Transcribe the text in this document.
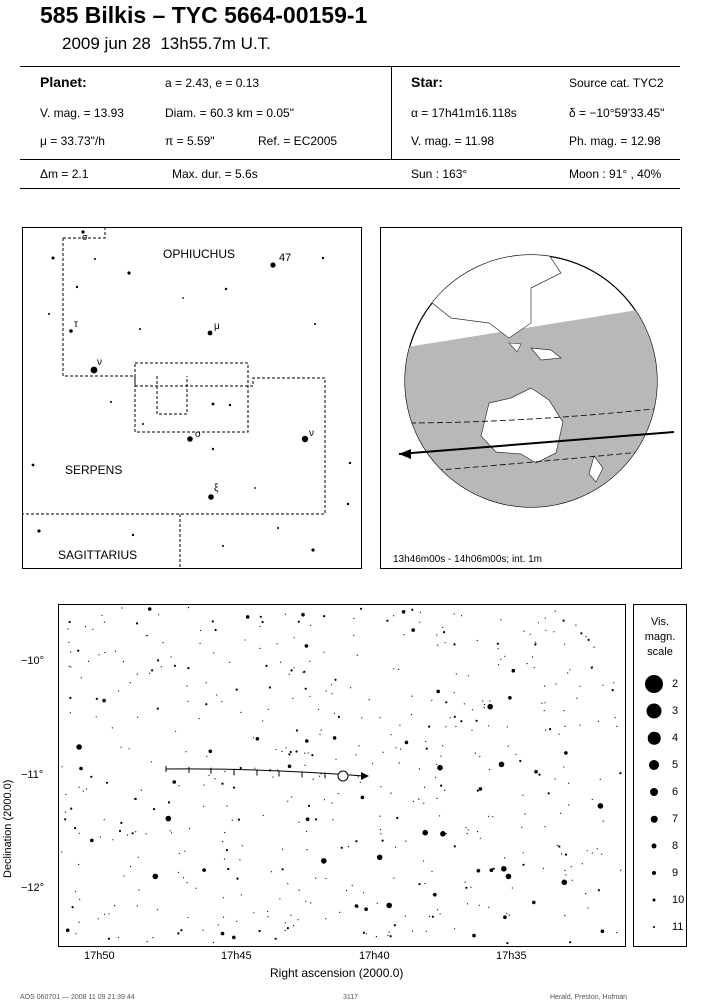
585 Bilkis – TYC 5664-00159-1
2009 jun 28 13h55.7m U.T.
Planet:	a = 2.43, e = 0.13
V. mag. = 13.93	Diam. = 60.3 km = 0.05"
μ = 33.73"/h	π = 5.59"	Ref. = EC2005
Star:	Source cat. TYC2
α = 17h41m16.118s	δ = −10°59'33.45"
V. mag. = 11.98	Ph. mag. = 12.98
Δm = 2.1	Max. dur. = 5.6s	Sun : 163°	Moon : 91° , 40%
OPHIUCHUS
SERPENS
SAGITTARIUS
47
μ
τ
ν
ο	ν
ξ
σ
13h46m00s - 14h06m00s; int. 1m
Declination (2000.0)
−10°
−11°
−12°
17h50	17h45	17h40	17h35
Right ascension (2000.0)
Vis.
magn.
scale
2
3
4
5
6
7
8
9
10
11
AOS 060701 — 2008 11 09 21:39:44	3117	Herald, Preston, Hofman
